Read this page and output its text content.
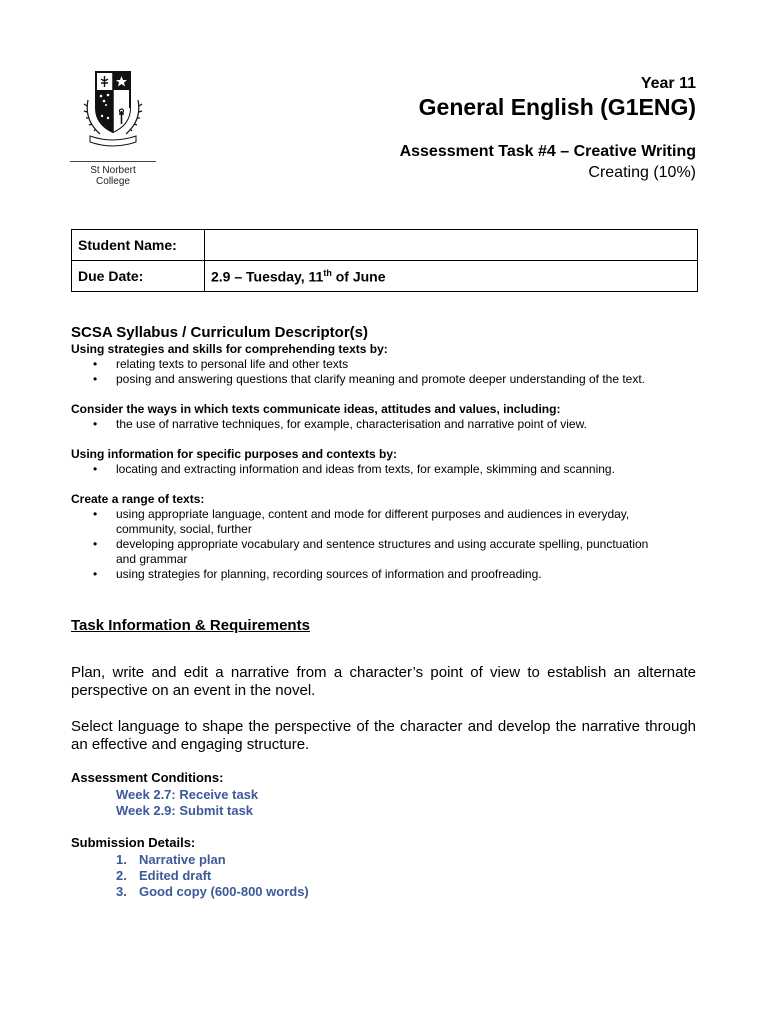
St Norbert
College
Year 11
General English (G1ENG)
Assessment Task #4 – Creative Writing
Creating (10%)
Student Name:	
Due Date:	2.9 – Tuesday, 11th of June
SCSA Syllabus / Curriculum Descriptor(s)
Using strategies and skills for comprehending texts by:
• relating texts to personal life and other texts
• posing and answering questions that clarify meaning and promote deeper understanding of the text.
Consider the ways in which texts communicate ideas, attitudes and values, including:
• the use of narrative techniques, for example, characterisation and narrative point of view.
Using information for specific purposes and contexts by:
• locating and extracting information and ideas from texts, for example, skimming and scanning.
Create a range of texts:
• using appropriate language, content and mode for different purposes and audiences in everyday, community, social, further
• developing appropriate vocabulary and sentence structures and using accurate spelling, punctuation and grammar
• using strategies for planning, recording sources of information and proofreading.
Task Information & Requirements
Plan, write and edit a narrative from a character’s point of view to establish an alternate perspective on an event in the novel.
Select language to shape the perspective of the character and develop the narrative through an effective and engaging structure.
Assessment Conditions:
Week 2.7: Receive task
Week 2.9: Submit task
Submission Details:
1. Narrative plan
2. Edited draft
3. Good copy (600-800 words)
